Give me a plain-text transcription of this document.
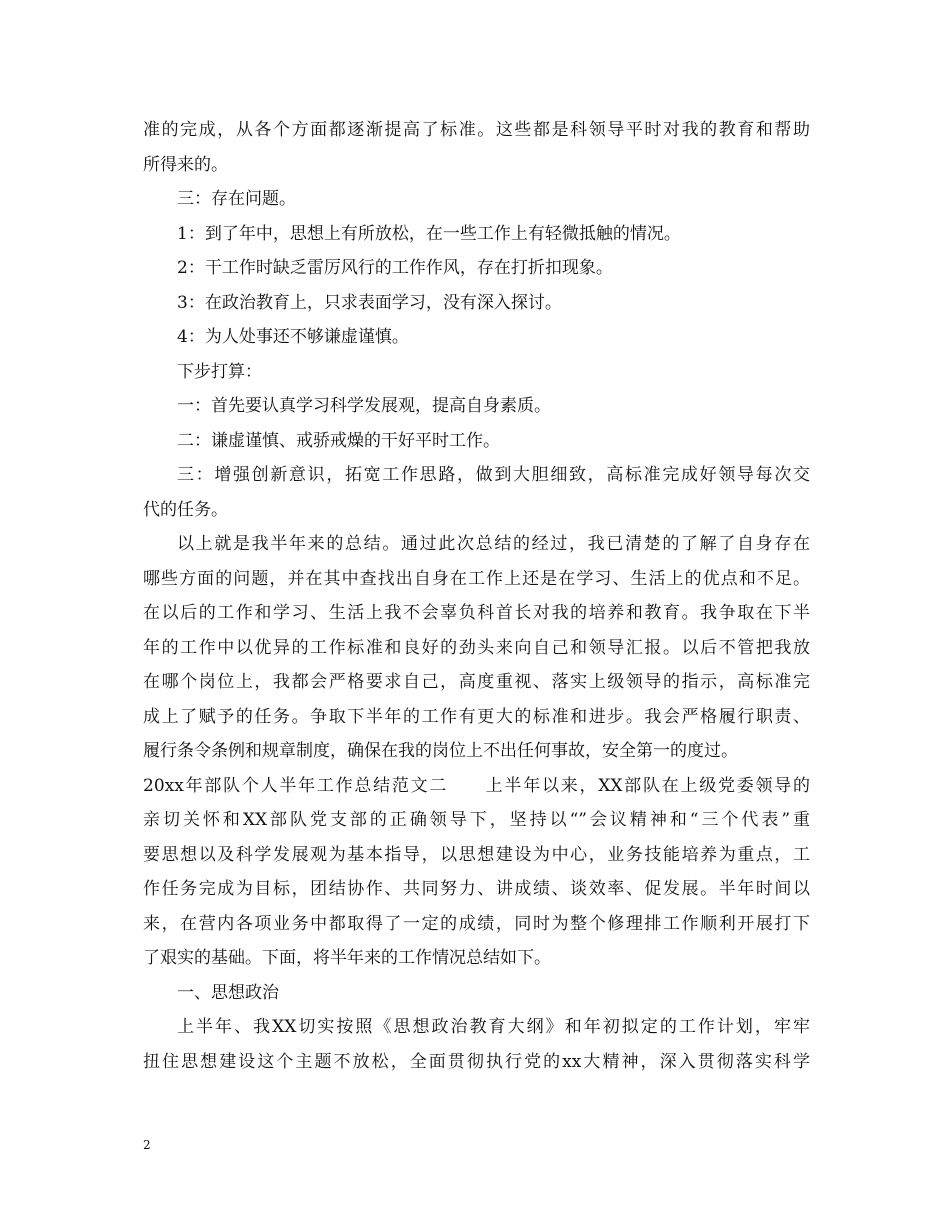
准的完成，从各个方面都逐渐提高了标准。这些都是科领导平时对我的教育和帮助
所得来的。
三：存在问题。
1：到了年中，思想上有所放松，在一些工作上有轻微抵触的情况。
2：干工作时缺乏雷厉风行的工作作风，存在打折扣现象。
3：在政治教育上，只求表面学习，没有深入探讨。
4：为人处事还不够谦虚谨慎。
下步打算：
一：首先要认真学习科学发展观，提高自身素质。
二：谦虚谨慎、戒骄戒燥的干好平时工作。
三：增强创新意识，拓宽工作思路，做到大胆细致，高标准完成好领导每次交
代的任务。
以上就是我半年来的总结。通过此次总结的经过，我已清楚的了解了自身存在
哪些方面的问题，并在其中查找出自身在工作上还是在学习、生活上的优点和不足。
在以后的工作和学习、生活上我不会辜负科首长对我的培养和教育。我争取在下半
年的工作中以优异的工作标准和良好的劲头来向自己和领导汇报。以后不管把我放
在哪个岗位上，我都会严格要求自己，高度重视、落实上级领导的指示，高标准完
成上了赋予的任务。争取下半年的工作有更大的标准和进步。我会严格履行职责、
履行条令条例和规章制度，确保在我的岗位上不出任何事故，安全第一的度过。
20xx年部队个人半年工作总结范文二　　上半年以来，XX部队在上级党委领导的
亲切关怀和XX部队党支部的正确领导下，坚持以“”会议精神和“三个代表”重
要思想以及科学发展观为基本指导，以思想建设为中心，业务技能培养为重点，工
作任务完成为目标，团结协作、共同努力、讲成绩、谈效率、促发展。半年时间以
来，在营内各项业务中都取得了一定的成绩，同时为整个修理排工作顺利开展打下
了艰实的基础。下面，将半年来的工作情况总结如下。
一、思想政治
上半年、我XX切实按照《思想政治教育大纲》和年初拟定的工作计划，牢牢
扭住思想建设这个主题不放松，全面贯彻执行党的xx大精神，深入贯彻落实科学
2
